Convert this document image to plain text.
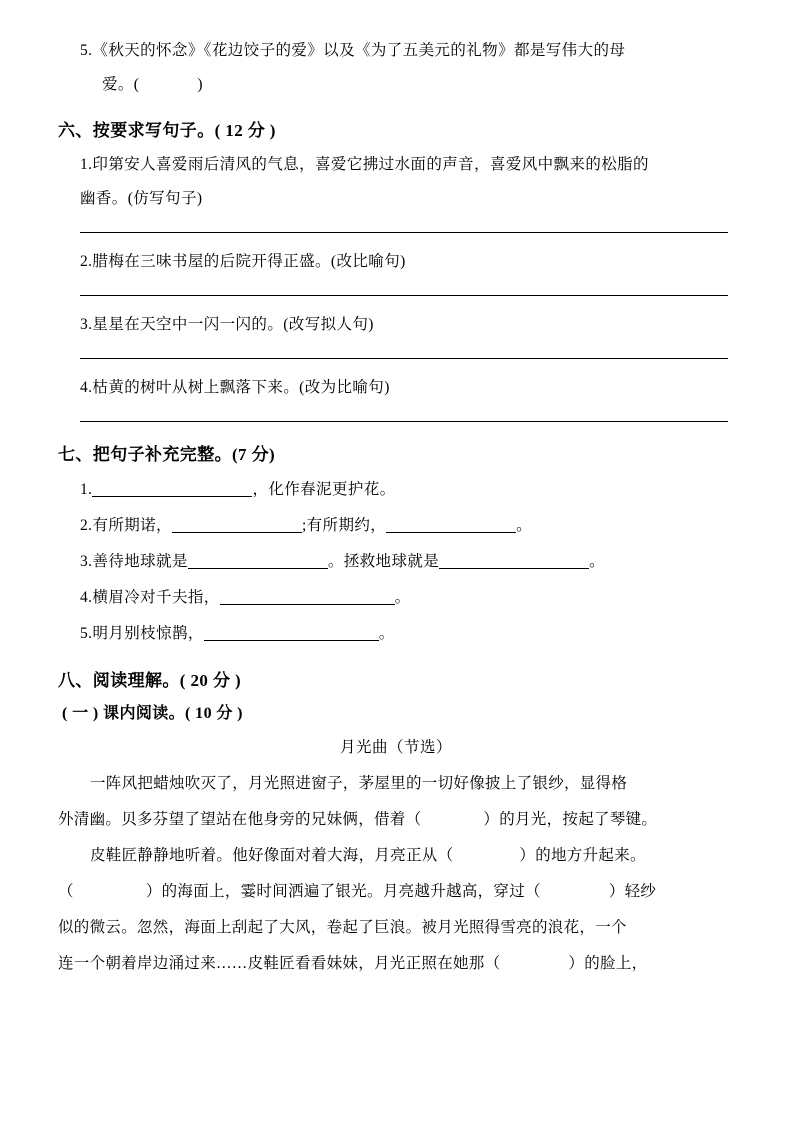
5.《秋天的怀念》《花边饺子的爱》以及《为了五美元的礼物》都是写伟大的母
爱。(	)
六、按要求写句子。( 12 分 )
1.印第安人喜爱雨后清风的气息，喜爱它拂过水面的声音，喜爱风中飘来的松脂的
幽香。(仿写句子)
2.腊梅在三味书屋的后院开得正盛。(改比喻句)
3.星星在天空中一闪一闪的。(改写拟人句)
4.枯黄的树叶从树上飘落下来。(改为比喻句)
七、把句子补充完整。(7 分)
1.	，化作春泥更护花。
2.有所期诺，	;有所期约，	。
3.善待地球就是	。拯救地球就是	。
4.横眉冷对千夫指，	。
5.明月别枝惊鹊，	。
八、阅读理解。( 20 分 )
( 一 ) 课内阅读。( 10 分 )
月光曲（节选）
一阵风把蜡烛吹灭了，月光照进窗子，茅屋里的一切好像披上了银纱，显得格
外清幽。贝多芬望了望站在他身旁的兄妹俩，借着（	）的月光，按起了琴键。
皮鞋匠静静地听着。他好像面对着大海，月亮正从（	）的地方升起来。
（	）的海面上，霎时间洒遍了银光。月亮越升越高，穿过（	）轻纱
似的微云。忽然，海面上刮起了大风，卷起了巨浪。被月光照得雪亮的浪花，一个
连一个朝着岸边涌过来……皮鞋匠看看妹妹，月光正照在她那（	）的脸上，
